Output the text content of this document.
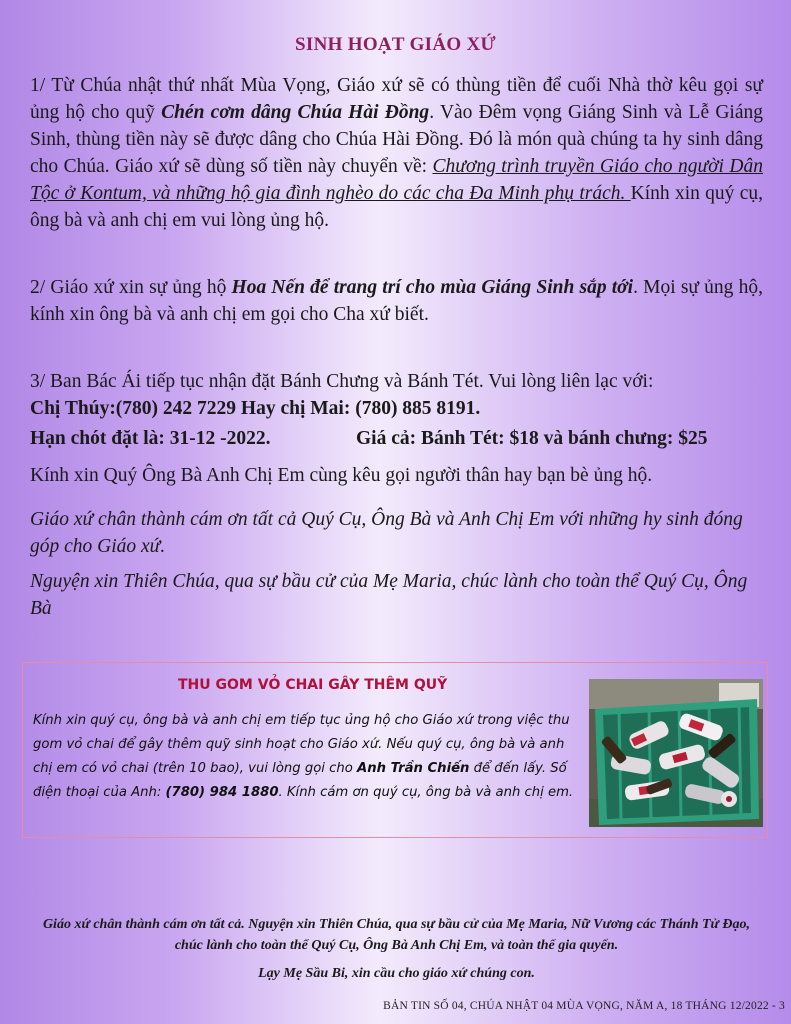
SINH HOẠT GIÁO XỨ
1/ Từ Chúa nhật thứ nhất Mùa Vọng, Giáo xứ sẽ có thùng tiền để cuối Nhà thờ kêu gọi sự ủng hộ cho quỹ Chén cơm dâng Chúa Hài Đồng. Vào Đêm vọng Giáng Sinh và Lễ Giáng Sinh, thùng tiền này sẽ được dâng cho Chúa Hài Đồng. Đó là món quà chúng ta hy sinh dâng cho Chúa. Giáo xứ sẽ dùng số tiền này chuyển về: Chương trình truyền Giáo cho người Dân Tộc ở Kontum, và những hộ gia đình nghèo do các cha Đa Minh phụ trách. Kính xin quý cụ, ông bà và anh chị em vui lòng ủng hộ.
2/ Giáo xứ xin sự ủng hộ Hoa Nến để trang trí cho mùa Giáng Sinh sắp tới. Mọi sự ủng hộ, kính xin ông bà và anh chị em gọi cho Cha xứ biết.
3/ Ban Bác Ái tiếp tục nhận đặt Bánh Chưng và Bánh Tét. Vui lòng liên lạc với:
Chị Thúy:(780) 242 7229 Hay chị Mai: (780) 885 8191.
Hạn chót đặt là: 31-12 -2022.	Giá cả: Bánh Tét: $18 và bánh chưng: $25
Kính xin Quý Ông Bà Anh Chị Em cùng kêu gọi người thân hay bạn bè ủng hộ.
Giáo xứ chân thành cám ơn tất cả Quý Cụ, Ông Bà và Anh Chị Em với những hy sinh đóng góp cho Giáo xứ.
Nguyện xin Thiên Chúa, qua sự bầu cử của Mẹ Maria, chúc lành cho toàn thể Quý Cụ, Ông Bà
THU GOM VỎ CHAI GÂY THÊM QUỸ
Kính xin quý cụ, ông bà và anh chị em tiếp tục ủng hộ cho Giáo xứ trong việc thu gom vỏ chai để gây thêm quỹ sinh hoạt cho Giáo xứ. Nếu quý cụ, ông bà và anh chị em có vỏ chai (trên 10 bao), vui lòng gọi cho Anh Trần Chiến để đến lấy. Số điện thoại của Anh: (780) 984 1880. Kính cám ơn quý cụ, ông bà và anh chị em.
Giáo xứ chân thành cám ơn tất cả. Nguyện xin Thiên Chúa, qua sự bầu cử của Mẹ Maria, Nữ Vương các Thánh Tử Đạo, chúc lành cho toàn thể Quý Cụ, Ông Bà Anh Chị Em, và toàn thể gia quyến.
Lạy Mẹ Sầu Bi, xin cầu cho giáo xứ chúng con.
BẢN TIN SỐ 04, CHÚA NHẬT 04 MÙA VỌNG, NĂM A, 18 THÁNG 12/2022 - 3
